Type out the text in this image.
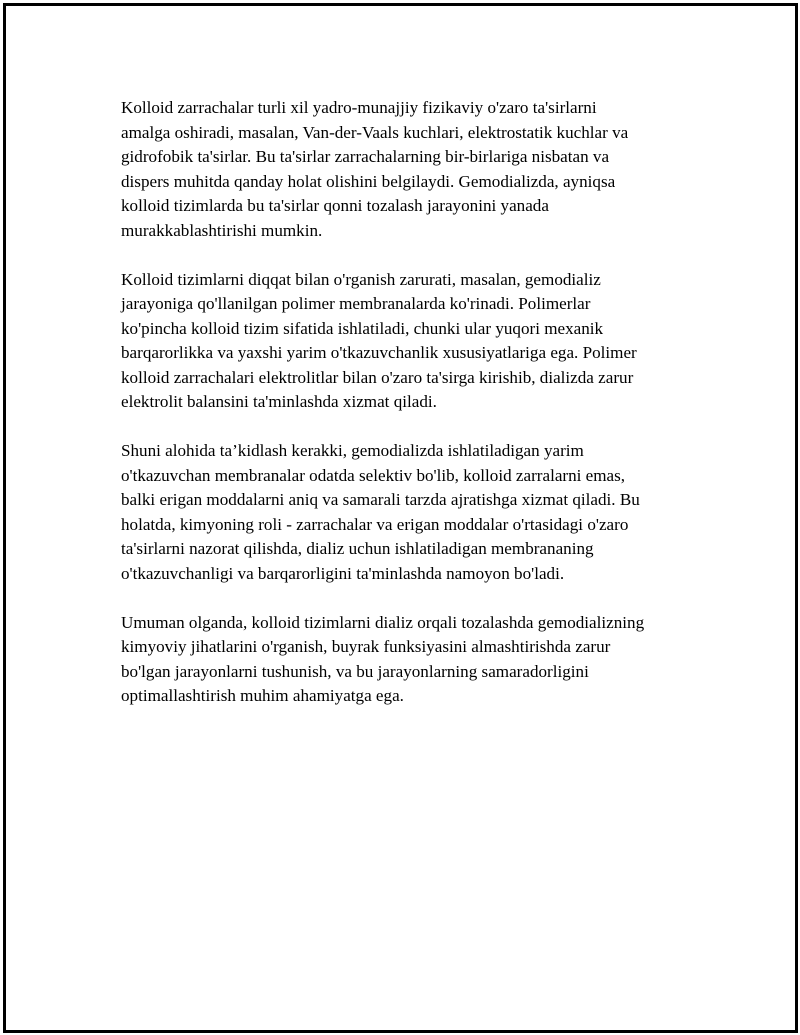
Kolloid zarrachalar turli xil yadro-munajjiy fizikaviy o'zaro ta'sirlarni
amalga oshiradi, masalan, Van-der-Vaals kuchlari, elektrostatik kuchlar va
gidrofobik ta'sirlar. Bu ta'sirlar zarrachalarning bir-birlariga nisbatan va
dispers muhitda qanday holat olishini belgilaydi. Gemodializda, ayniqsa
kolloid tizimlarda bu ta'sirlar qonni tozalash jarayonini yanada
murakkablashtirishi mumkin.

Kolloid tizimlarni diqqat bilan o'rganish zarurati, masalan, gemodializ
jarayoniga qo'llanilgan polimer membranalarda ko'rinadi. Polimerlar
ko'pincha kolloid tizim sifatida ishlatiladi, chunki ular yuqori mexanik
barqarorlikka va yaxshi yarim o'tkazuvchanlik xususiyatlariga ega. Polimer
kolloid zarrachalari elektrolitlar bilan o'zaro ta'sirga kirishib, dializda zarur
elektrolit balansini ta'minlashda xizmat qiladi.

Shuni alohida ta’kidlash kerakki, gemodializda ishlatiladigan yarim
o'tkazuvchan membranalar odatda selektiv bo'lib, kolloid zarralarni emas,
balki erigan moddalarni aniq va samarali tarzda ajratishga xizmat qiladi. Bu
holatda, kimyoning roli - zarrachalar va erigan moddalar o'rtasidagi o'zaro
ta'sirlarni nazorat qilishda, dializ uchun ishlatiladigan membrananing
o'tkazuvchanligi va barqarorligini ta'minlashda namoyon bo'ladi.

Umuman olganda, kolloid tizimlarni dializ orqali tozalashda gemodializning
kimyoviy jihatlarini o'rganish, buyrak funksiyasini almashtirishda zarur
bo'lgan jarayonlarni tushunish, va bu jarayonlarning samaradorligini
optimallashtirish muhim ahamiyatga ega.
